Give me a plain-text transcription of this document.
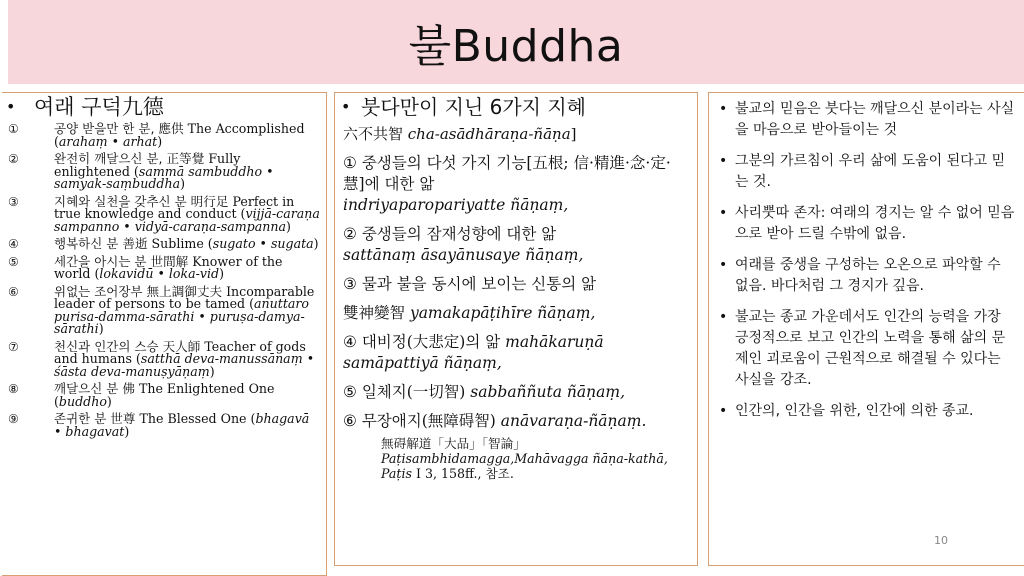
불Buddha
• 여래 구덕九德
①	공양 받을만 한 분, 應供 The Accomplished (arahaṃ • arhat)
②	완전히 깨달으신 분, 正等覺 Fully enlightened (sammā sambuddho • samyak-saṃbuddha)
③	지혜와 실천을 갖추신 분 明行足 Perfect in true knowledge and conduct (vijjā-caraṇa sampanno • vidyā-caraṇa-sampanna)
④	행복하신 분 善逝 Sublime (sugato • sugata)
⑤	세간을 아시는 분 世間解 Knower of the world (lokavidū • loka-vid)
⑥	위없는 조어장부 無上調御丈夫 Incomparable leader of persons to be tamed (anuttaro purisa-damma-sārathi • puruṣa-damya-sārathi)
⑦	천신과 인간의 스승 天人師 Teacher of gods and humans (satthā deva-manussānaṃ • śāsta deva-manuṣyāṇaṃ)
⑧	깨달으신 분 佛 The Enlightened One (buddho)
⑨	존귀한 분 世尊 The Blessed One (bhagavā • bhagavat)
• 붓다만이 지닌 6가지 지혜
六不共智 cha-asādhāraṇa-ñāṇa]
① 중생들의 다섯 가지 기능[五根; 信·精進·念·定·慧]에 대한 앎
indriyaparopariyatte ñāṇaṃ,
② 중생들의 잠재성향에 대한 앎
sattānaṃ āsayānusaye ñāṇaṃ,
③ 물과 불을 동시에 보이는 신통의 앎
雙神變智 yamakapāṭihīre ñāṇaṃ,
④ 대비정(大悲定)의 앎 mahākaruṇā samāpattiyā ñāṇaṃ,
⑤ 일체지(一切智) sabbaññuta ñāṇaṃ,
⑥ 무장애지(無障碍智) anāvaraṇa-ñāṇaṃ.
無碍解道「大品」「智論」
Paṭisambhidamagga,Mahāvagga ñāṇa-kathā,
Paṭis I 3, 158ff., 참조.
• 불교의 믿음은 붓다는 깨달으신 분이라는 사실을 마음으로 받아들이는 것
• 그분의 가르침이 우리 삶에 도움이 된다고 믿는 것.
• 사리뿟따 존자: 여래의 경지는 알 수 없어 믿음으로 받아 드릴 수밖에 없음.
• 여래를 중생을 구성하는 오온으로 파악할 수 없음. 바다처럼 그 경지가 깊음.
• 불교는 종교 가운데서도 인간의 능력을 가장 긍정적으로 보고 인간의 노력을 통해 삶의 문제인 괴로움이 근원적으로 해결될 수 있다는 사실을 강조.
• 인간의, 인간을 위한, 인간에 의한 종교.
10
